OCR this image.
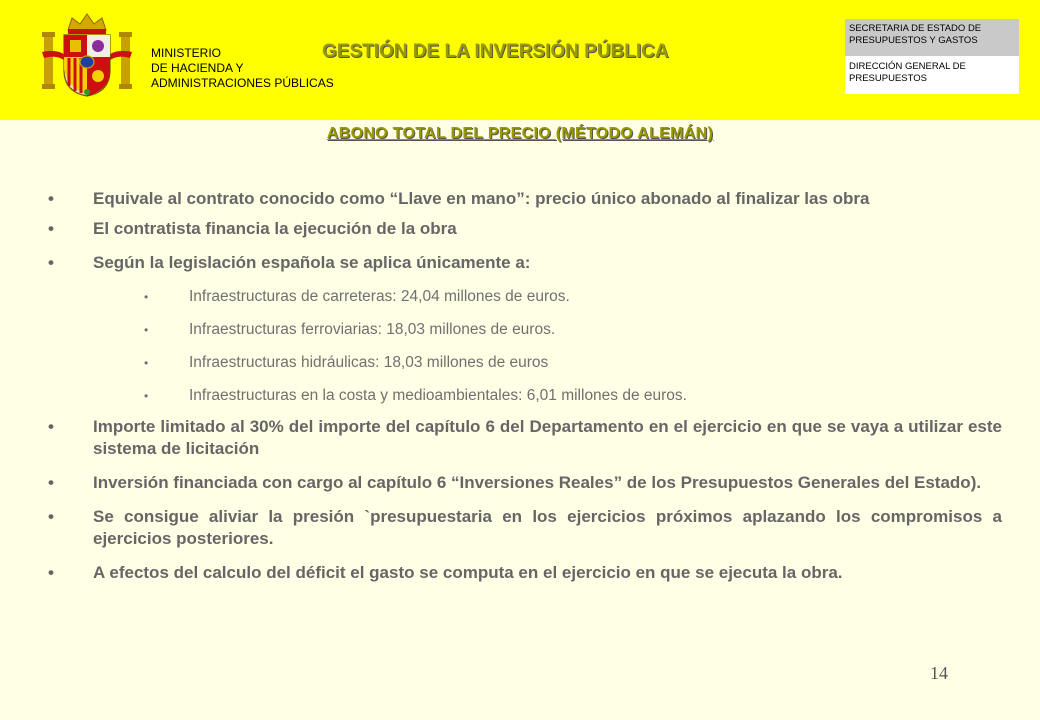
MINISTERIO
DE HACIENDA Y
ADMINISTRACIONES PÚBLICAS
GESTIÓN DE LA INVERSIÓN PÚBLICA
SECRETARIA DE ESTADO DE PRESUPUESTOS Y GASTOS
DIRECCIÓN GENERAL DE PRESUPUESTOS
ABONO TOTAL DEL PRECIO (MÉTODO ALEMÁN)

• Equivale al contrato conocido como “Llave en mano”: precio único abonado al finalizar las obra

• El contratista financia la ejecución de la obra

• Según la legislación española se aplica únicamente a:

•	Infraestructuras de carreteras: 24,04 millones de euros.

•	Infraestructuras ferroviarias: 18,03 millones de euros.

•	Infraestructuras hidráulicas: 18,03 millones de euros

•	Infraestructuras en la costa y medioambientales: 6,01 millones de euros.

• Importe limitado al 30% del importe del capítulo 6 del Departamento en el ejercicio en que se vaya a utilizar este sistema de licitación

• Inversión financiada con cargo al capítulo 6 “Inversiones Reales” de los Presupuestos Generales del Estado).

• Se consigue aliviar la presión `presupuestaria en los ejercicios próximos aplazando los compromisos a ejercicios posteriores.

• A efectos del calculo del déficit el gasto se computa en el ejercicio en que se ejecuta la obra.

14
